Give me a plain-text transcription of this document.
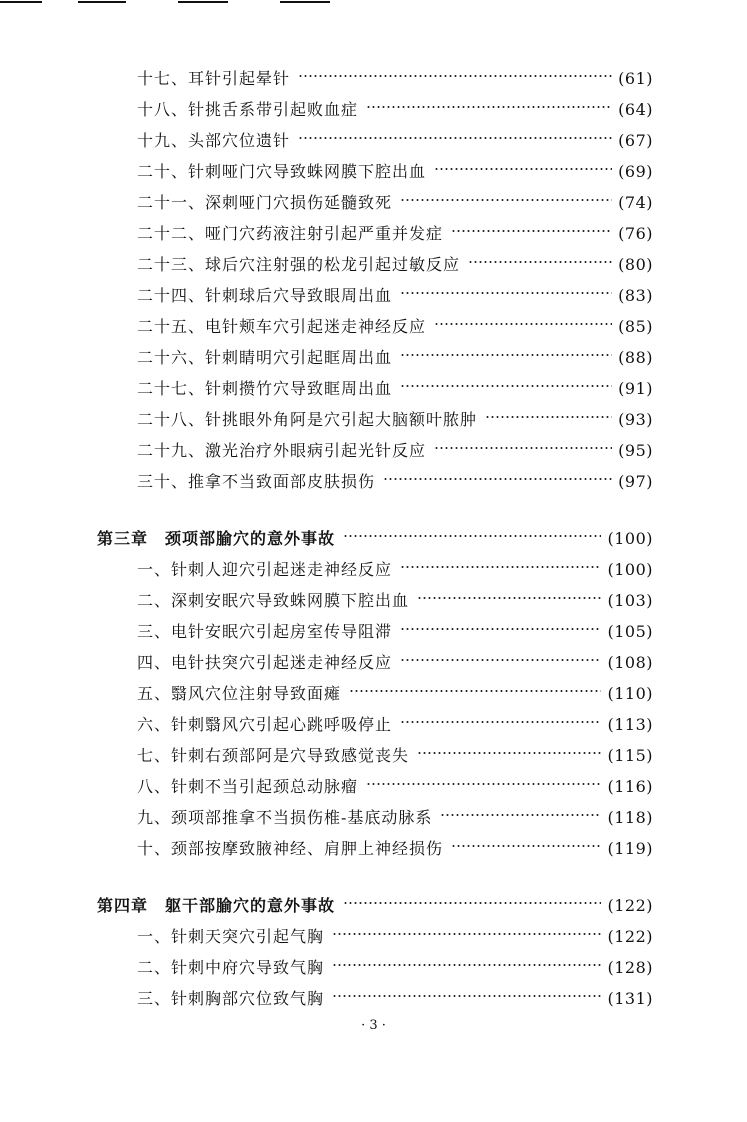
十七、耳针引起晕针	(61)
十八、针挑舌系带引起败血症	(64)
十九、头部穴位遗针	(67)
二十、针刺哑门穴导致蛛网膜下腔出血	(69)
二十一、深刺哑门穴损伤延髓致死	(74)
二十二、哑门穴药液注射引起严重并发症	(76)
二十三、球后穴注射强的松龙引起过敏反应	(80)
二十四、针刺球后穴导致眼周出血	(83)
二十五、电针颊车穴引起迷走神经反应	(85)
二十六、针刺睛明穴引起眶周出血	(88)
二十七、针刺攒竹穴导致眶周出血	(91)
二十八、针挑眼外角阿是穴引起大脑额叶脓肿	(93)
二十九、激光治疗外眼病引起光针反应	(95)
三十、推拿不当致面部皮肤损伤	(97)
第三章　颈项部腧穴的意外事故	(100)
一、针刺人迎穴引起迷走神经反应	(100)
二、深刺安眠穴导致蛛网膜下腔出血	(103)
三、电针安眠穴引起房室传导阻滞	(105)
四、电针扶突穴引起迷走神经反应	(108)
五、翳风穴位注射导致面瘫	(110)
六、针刺翳风穴引起心跳呼吸停止	(113)
七、针刺右颈部阿是穴导致感觉丧失	(115)
八、针刺不当引起颈总动脉瘤	(116)
九、颈项部推拿不当损伤椎-基底动脉系	(118)
十、颈部按摩致腋神经、肩胛上神经损伤	(119)
第四章　躯干部腧穴的意外事故	(122)
一、针刺天突穴引起气胸	(122)
二、针刺中府穴导致气胸	(128)
三、针刺胸部穴位致气胸	(131)
· 3 ·
